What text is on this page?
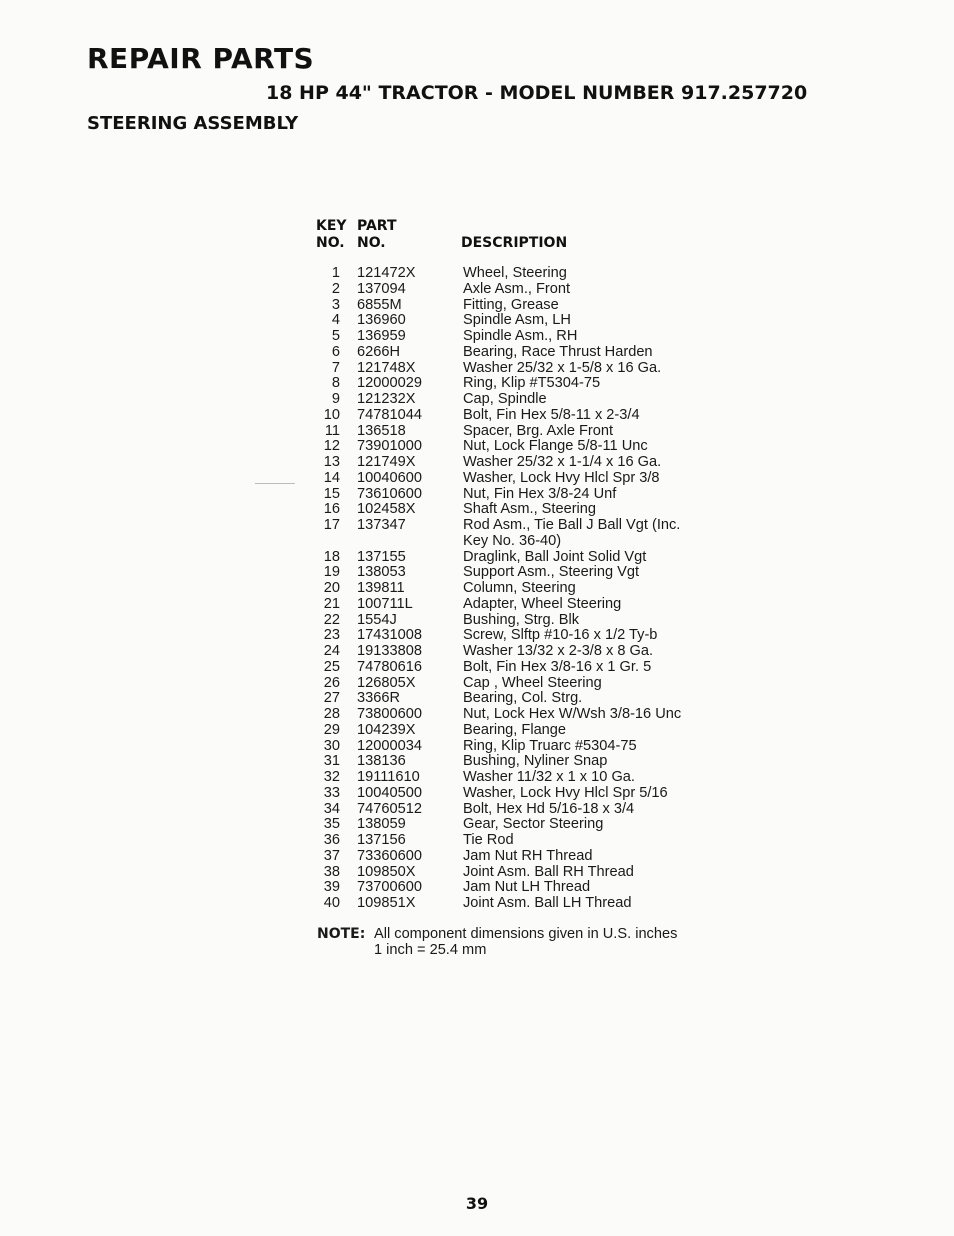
REPAIR PARTS
18 HP 44" TRACTOR - MODEL NUMBER 917.257720
STEERING ASSEMBLY
KEY
NO.
PART
NO.	DESCRIPTION
1	121472X	Wheel, Steering
2	137094	Axle Asm., Front
3	6855M	Fitting, Grease
4	136960	Spindle Asm, LH
5	136959	Spindle Asm., RH
6	6266H	Bearing, Race Thrust Harden
7	121748X	Washer 25/32 x 1-5/8 x 16 Ga.
8	12000029	Ring, Klip #T5304-75
9	121232X	Cap, Spindle
10	74781044	Bolt, Fin Hex 5/8-11 x 2-3/4
11	136518	Spacer, Brg. Axle Front
12	73901000	Nut, Lock Flange 5/8-11 Unc
13	121749X	Washer 25/32 x 1-1/4 x 16 Ga.
14	10040600	Washer, Lock Hvy Hlcl Spr 3/8
15	73610600	Nut, Fin Hex 3/8-24 Unf
16	102458X	Shaft Asm., Steering
17	137347	Rod Asm., Tie Ball J Ball Vgt (Inc.
Key No. 36-40)
18	137155	Draglink, Ball Joint Solid Vgt
19	138053	Support Asm., Steering Vgt
20	139811	Column, Steering
21	100711L	Adapter, Wheel Steering
22	1554J	Bushing, Strg. Blk
23	17431008	Screw, Slftp #10-16 x 1/2 Ty-b
24	19133808	Washer 13/32 x 2-3/8 x 8 Ga.
25	74780616	Bolt, Fin Hex 3/8-16 x 1 Gr. 5
26	126805X	Cap , Wheel Steering
27	3366R	Bearing, Col. Strg.
28	73800600	Nut, Lock Hex W/Wsh 3/8-16 Unc
29	104239X	Bearing, Flange
30	12000034	Ring, Klip Truarc #5304-75
31	138136	Bushing, Nyliner Snap
32	19111610	Washer 11/32 x 1 x 10 Ga.
33	10040500	Washer, Lock Hvy Hlcl Spr 5/16
34	74760512	Bolt, Hex Hd 5/16-18 x 3/4
35	138059	Gear, Sector Steering
36	137156	Tie Rod
37	73360600	Jam Nut RH Thread
38	109850X	Joint Asm. Ball RH Thread
39	73700600	Jam Nut LH Thread
40	109851X	Joint Asm. Ball LH Thread
NOTE: All component dimensions given in U.S. inches
1 inch = 25.4 mm
39
